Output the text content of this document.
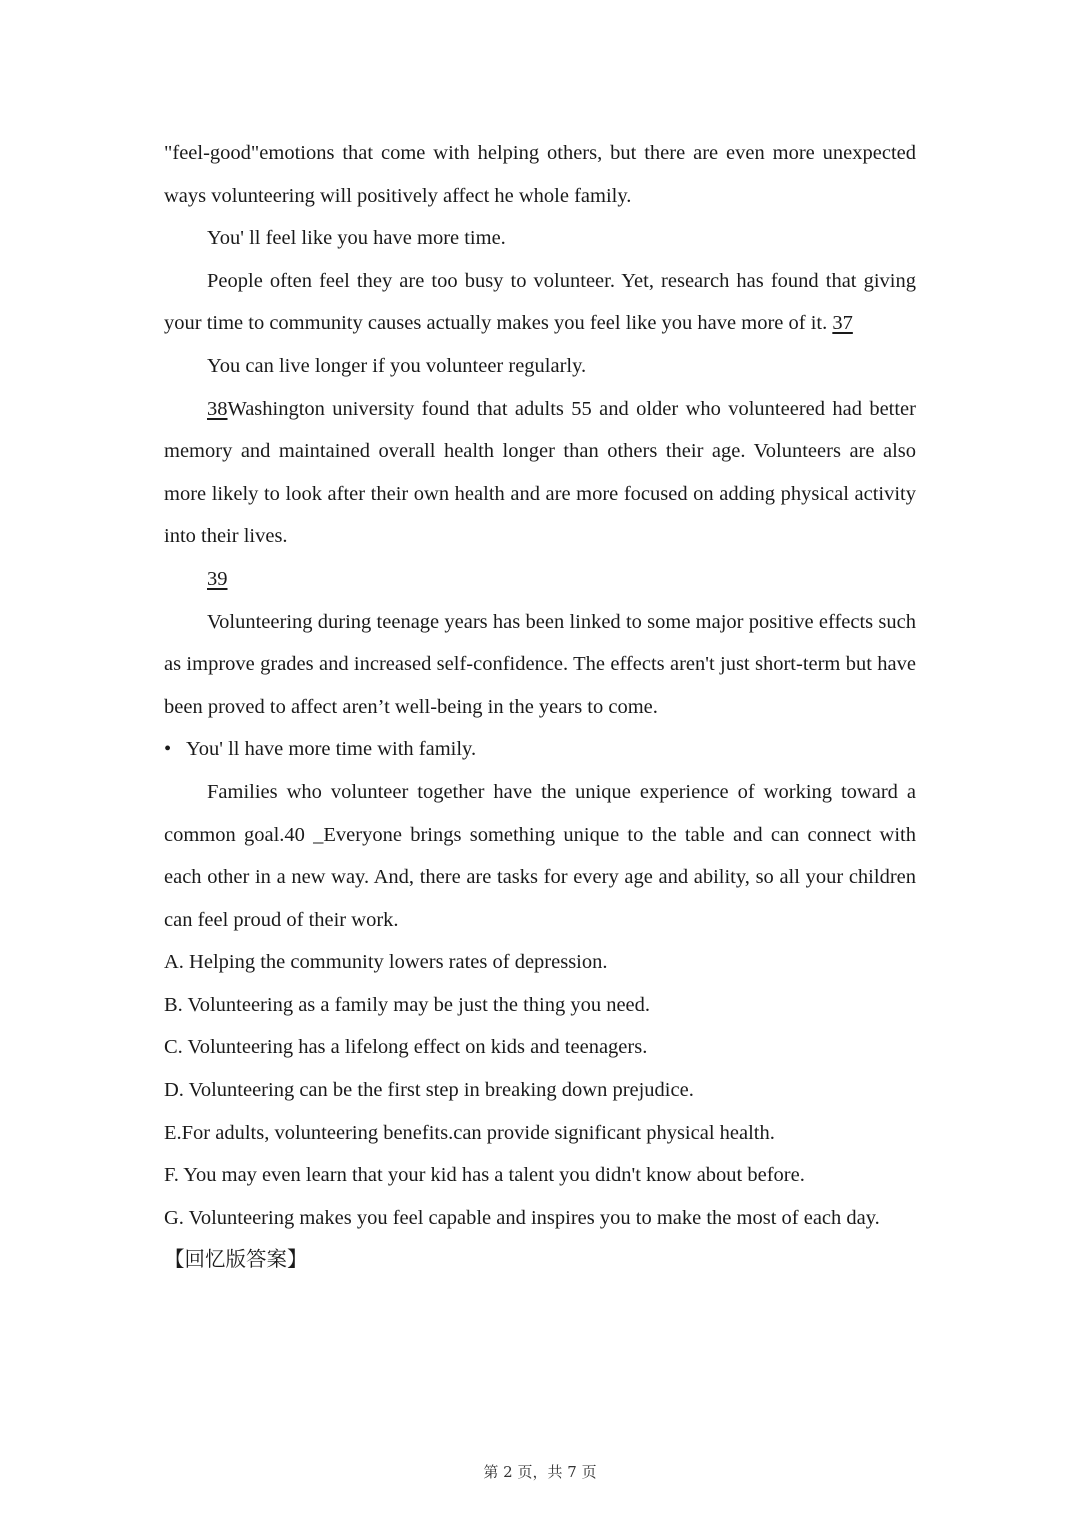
"feel-good"emotions that come with helping others, but there are even more unexpected ways volunteering will positively affect he whole family.

You' ll feel like you have more time.

People often feel they are too busy to volunteer. Yet, research has found that giving your time to community causes actually makes you feel like you have more of it. 37

You can live longer if you volunteer regularly.

38Washington university found that adults 55 and older who volunteered had better memory and maintained overall health longer than others their age. Volunteers are also more likely to look after their own health and are more focused on adding physical activity into their lives.

39

Volunteering during teenage years has been linked to some major positive effects such as improve grades and increased self-confidence. The effects aren't just short-term but have been proved to affect aren’t well-being in the years to come.

• You' ll have more time with family.

Families who volunteer together have the unique experience of working toward a common goal.40 _Everyone brings something unique to the table and can connect with each other in a new way. And, there are tasks for every age and ability, so all your children can feel proud of their work.

A. Helping the community lowers rates of depression.

B. Volunteering as a family may be just the thing you need.

C. Volunteering has a lifelong effect on kids and teenagers.

D. Volunteering can be the first step in breaking down prejudice.

E.For adults, volunteering benefits.can provide significant physical health.

F. You may even learn that your kid has a talent you didn't know about before.

G. Volunteering makes you feel capable and inspires you to make the most of each day.

【回忆版答案】

第 2 页，共 7 页
